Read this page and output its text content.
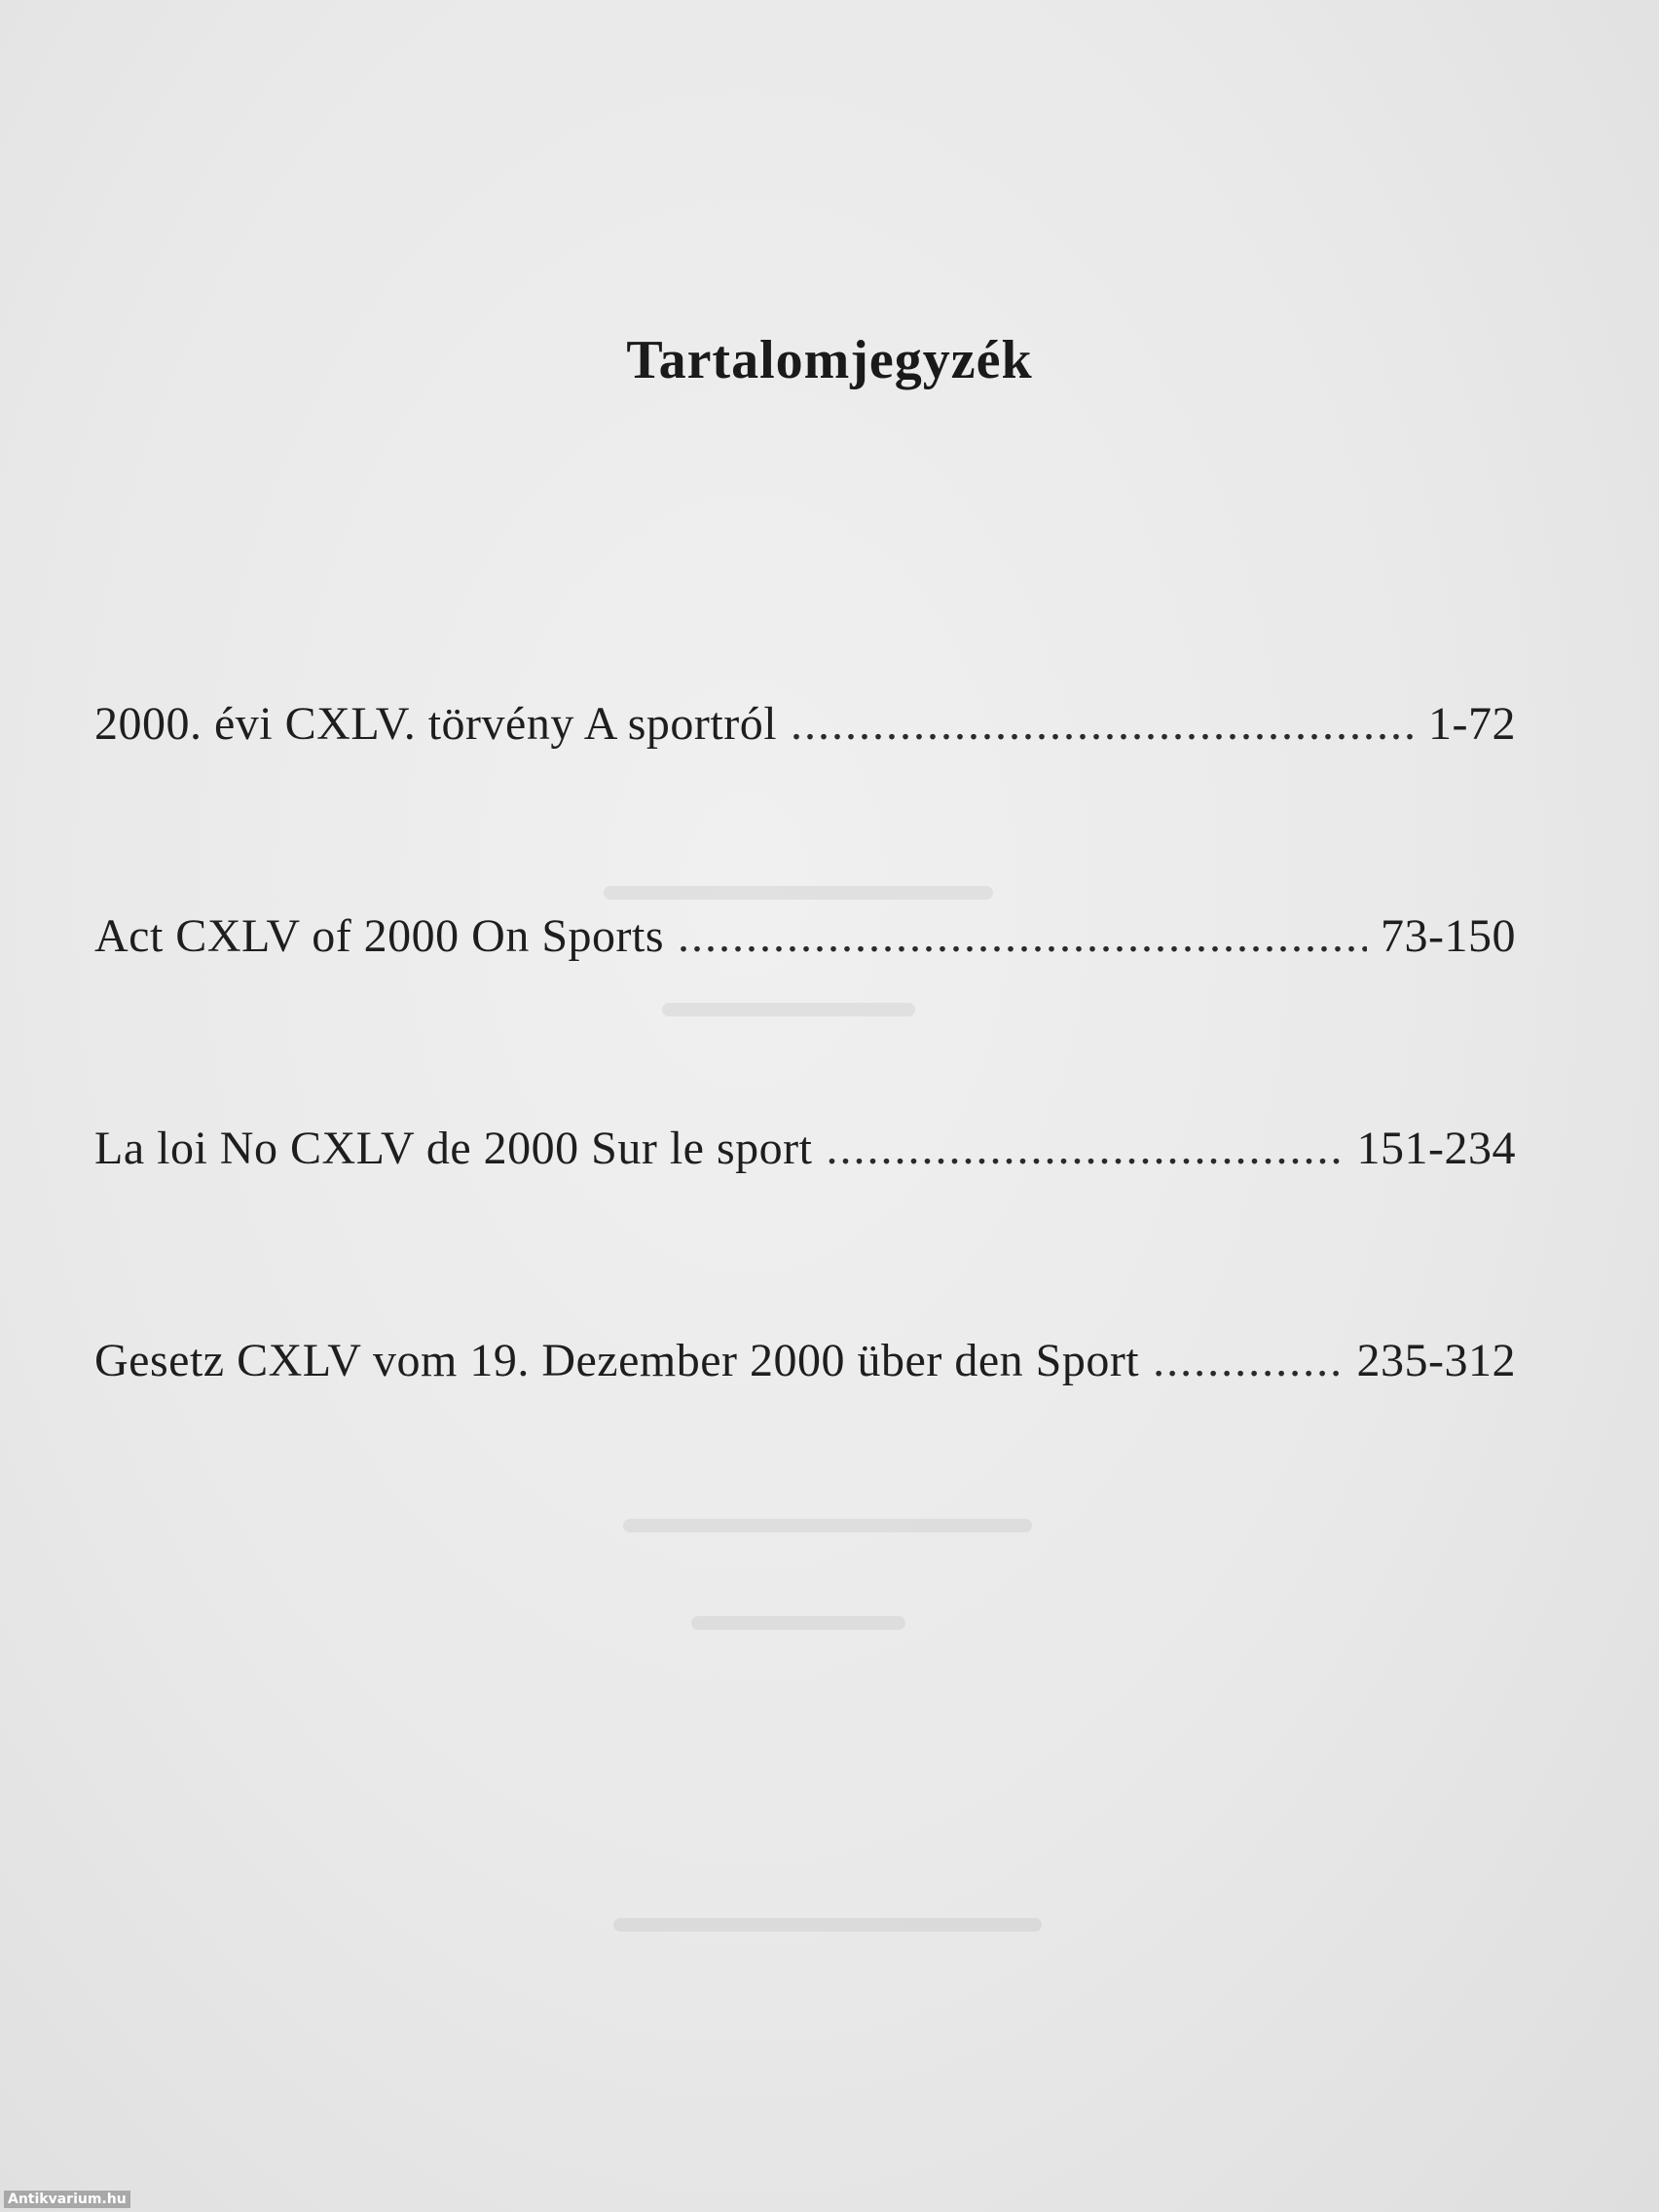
Tartalomjegyzék
2000. évi CXLV. törvény A sportról .....	1-72
Act CXLV of 2000 On Sports .....	73-150
La loi No CXLV de 2000 Sur le sport .....	151-234
Gesetz CXLV vom 19. Dezember 2000 über den Sport .....	235-312
Antikvarium.hu
